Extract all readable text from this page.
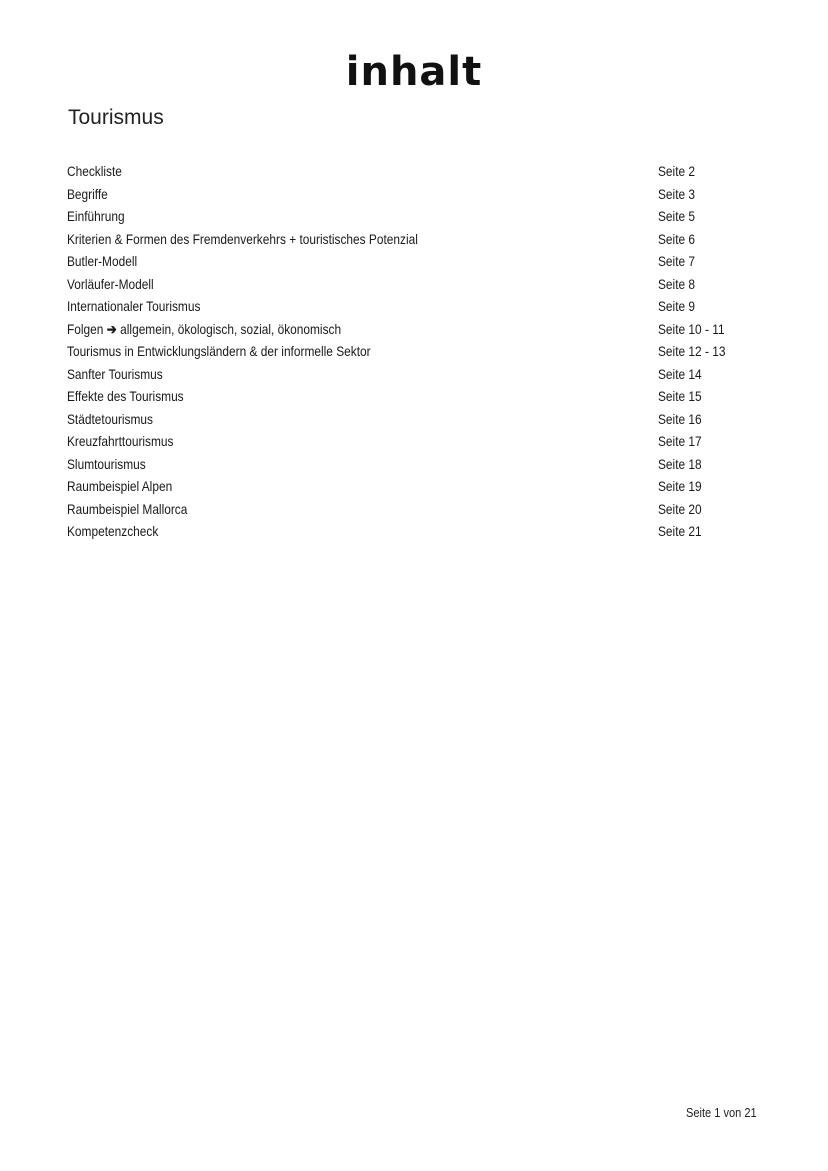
inhalt
Tourismus
Checkliste	Seite 2
Begriffe	Seite 3
Einführung	Seite 5
Kriterien & Formen des Fremdenverkehrs + touristisches Potenzial	Seite 6
Butler-Modell	Seite 7
Vorläufer-Modell	Seite 8
Internationaler Tourismus	Seite 9
Folgen ➔ allgemein, ökologisch, sozial, ökonomisch	Seite 10 - 11
Tourismus in Entwicklungsländern & der informelle Sektor	Seite 12 - 13
Sanfter Tourismus	Seite 14
Effekte des Tourismus	Seite 15
Städtetourismus	Seite 16
Kreuzfahrttourismus	Seite 17
Slumtourismus	Seite 18
Raumbeispiel Alpen	Seite 19
Raumbeispiel Mallorca	Seite 20
Kompetenzcheck	Seite 21
Seite 1 von 21
